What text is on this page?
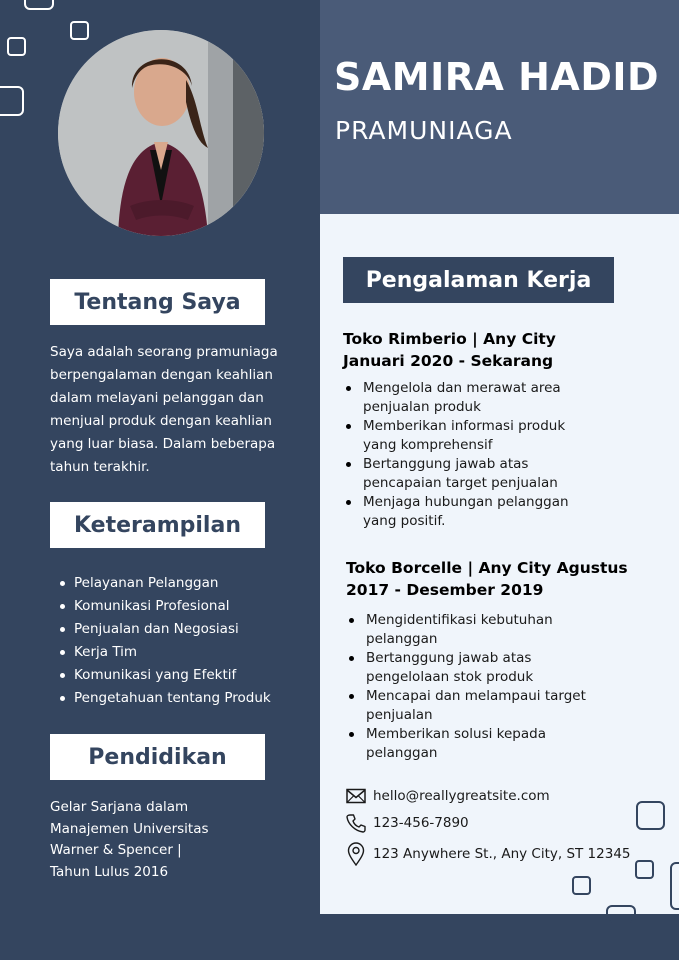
SAMIRA HADID
PRAMUNIAGA
Tentang Saya
Saya adalah seorang pramuniaga berpengalaman dengan keahlian dalam melayani pelanggan dan menjual produk dengan keahlian yang luar biasa. Dalam beberapa tahun terakhir.
Keterampilan
Pelayanan Pelanggan
Komunikasi Profesional
Penjualan dan Negosiasi
Kerja Tim
Komunikasi yang Efektif
Pengetahuan tentang Produk
Pendidikan
Gelar Sarjana dalam
Manajemen Universitas
Warner & Spencer |
Tahun Lulus 2016
Pengalaman Kerja
Toko Rimberio | Any City
Januari 2020 - Sekarang
Mengelola dan merawat area penjualan produk
Memberikan informasi produk yang komprehensif
Bertanggung jawab atas pencapaian target penjualan
Menjaga hubungan pelanggan yang positif.
Toko Borcelle | Any City Agustus
2017 - Desember 2019
Mengidentifikasi kebutuhan pelanggan
Bertanggung jawab atas pengelolaan stok produk
Mencapai dan melampaui target penjualan
Memberikan solusi kepada pelanggan
hello@reallygreatsite.com
123-456-7890
123 Anywhere St., Any City, ST 12345
